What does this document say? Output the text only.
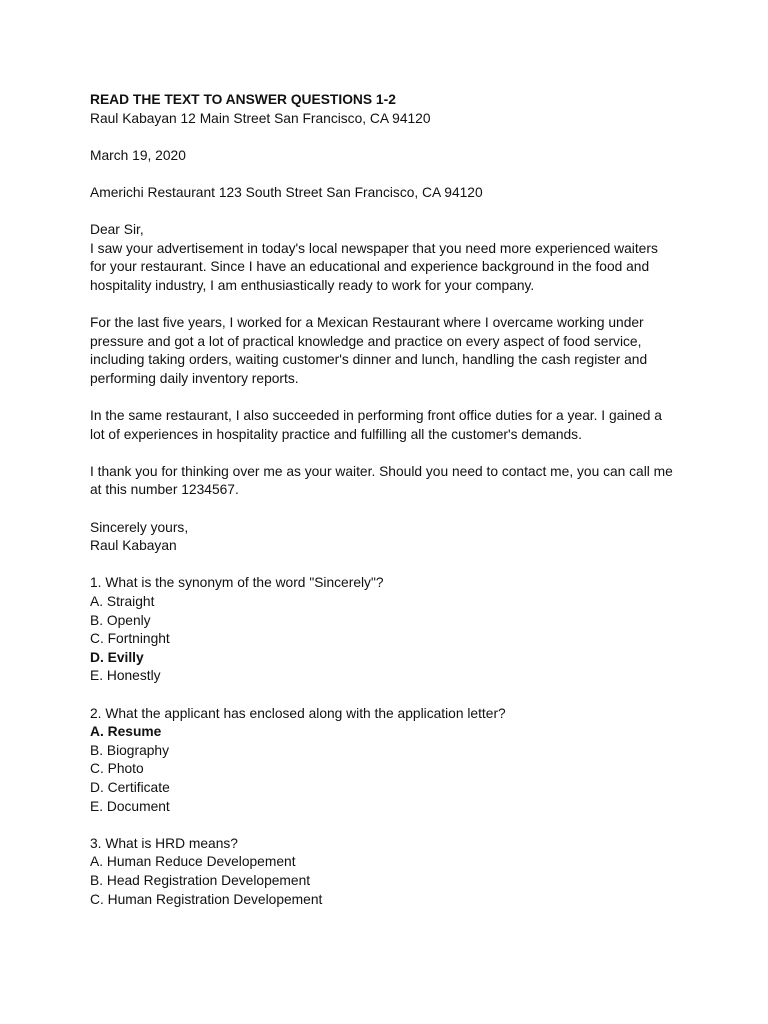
READ THE TEXT TO ANSWER QUESTIONS 1-2

Raul Kabayan 12 Main Street San Francisco, CA 94120

March 19, 2020

Americhi Restaurant 123 South Street San Francisco, CA 94120

Dear Sir,

I saw your advertisement in today's local newspaper that you need more experienced waiters
for your restaurant. Since I have an educational and experience background in the food and
hospitality industry, I am enthusiastically ready to work for your company.
For the last five years, I worked for a Mexican Restaurant where I overcame working under
pressure and got a lot of practical knowledge and practice on every aspect of food service,
including taking orders, waiting customer's dinner and lunch, handling the cash register and
performing daily inventory reports.
In the same restaurant, I also succeeded in performing front office duties for a year. I gained a
lot of experiences in hospitality practice and fulfilling all the customer's demands.
I thank you for thinking over me as your waiter. Should you need to contact me, you can call me
at this number 1234567.

Sincerely yours,

Raul Kabayan

1. What is the synonym of the word "Sincerely"?

A. Straight

B. Openly

C. Fortninght

D. Evilly

E. Honestly

2. What the applicant has enclosed along with the application letter?

A. Resume

B. Biography

C. Photo

D. Certificate

E. Document

3. What is HRD means?

A. Human Reduce Developement

B. Head Registration Developement

C. Human Registration Developement
